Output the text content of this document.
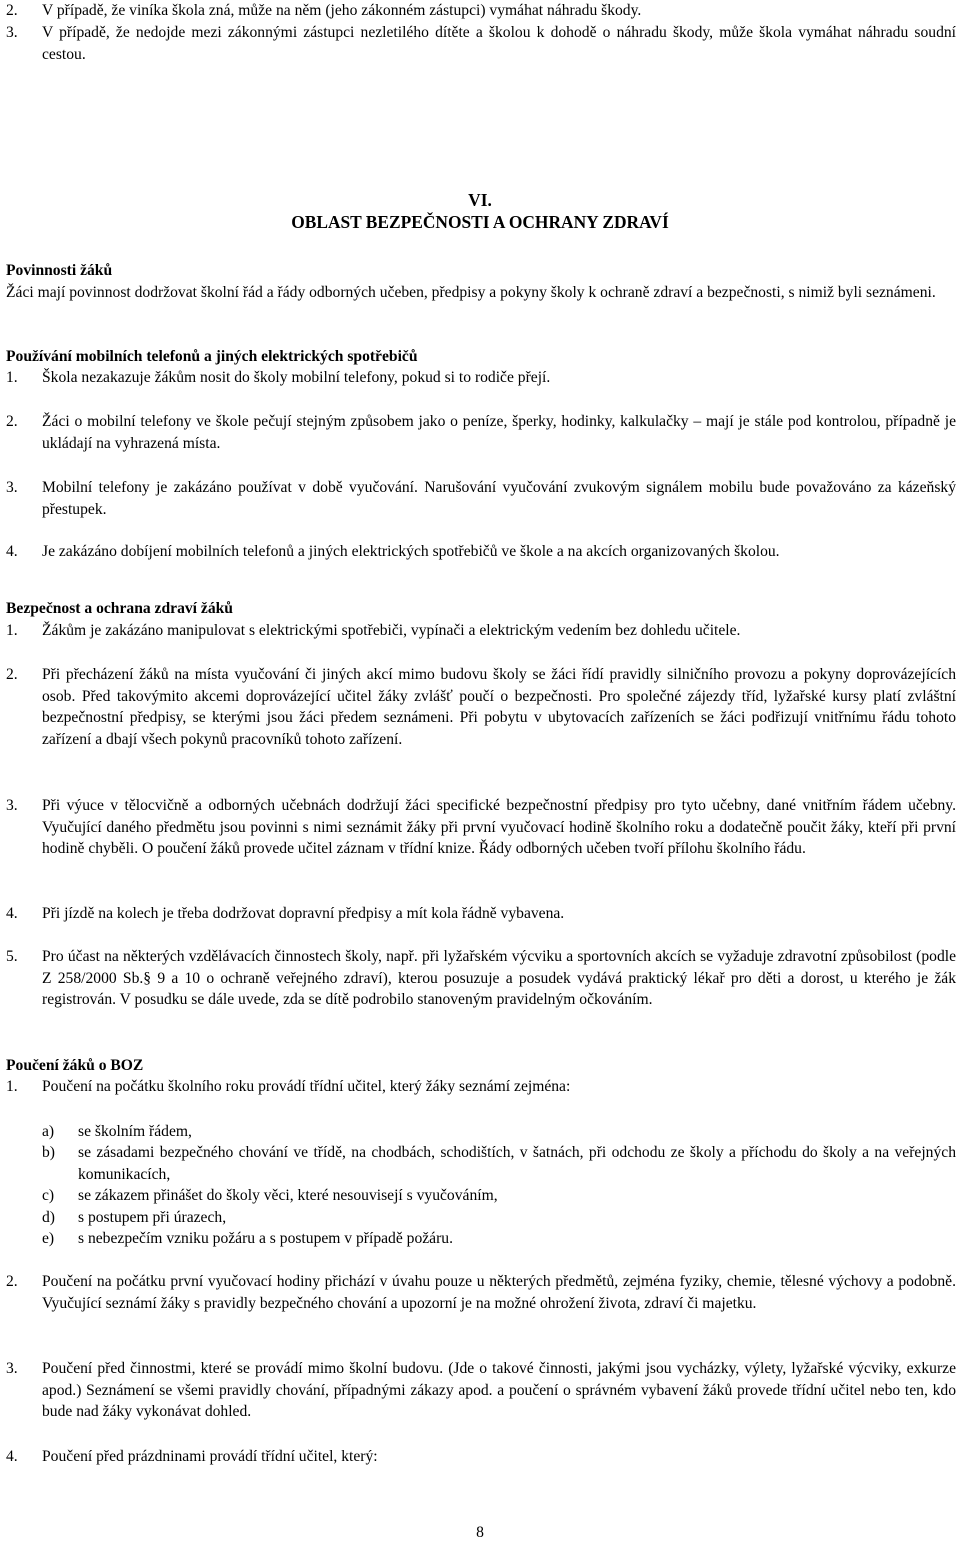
2.	V případě, že viníka škola zná, může na něm (jeho zákonném zástupci) vymáhat náhradu škody.
3.	V případě, že nedojde mezi zákonnými zástupci nezletilého dítěte a školou k dohodě o náhradu škody, může škola vymáhat náhradu soudní cestou.
VI.
OBLAST BEZPEČNOSTI A OCHRANY ZDRAVÍ
Povinnosti žáků
Žáci mají povinnost dodržovat školní řád a řády odborných učeben, předpisy a pokyny školy k ochraně zdraví a bezpečnosti, s nimiž byli seznámeni.
Používání mobilních telefonů a jiných elektrických spotřebičů
1.	Škola nezakazuje žákům nosit do školy mobilní telefony, pokud si to rodiče přejí.
2.	Žáci o mobilní telefony ve škole pečují stejným způsobem jako o peníze, šperky, hodinky, kalkulačky – mají je stále pod kontrolou, případně je ukládají na vyhrazená místa.
3.	Mobilní telefony je zakázáno používat v době vyučování. Narušování vyučování zvukovým signálem mobilu bude považováno za kázeňský přestupek.
4.	Je zakázáno dobíjení mobilních telefonů a jiných elektrických spotřebičů ve škole a na akcích organizovaných školou.
Bezpečnost a ochrana zdraví žáků
1.	Žákům je zakázáno manipulovat s elektrickými spotřebiči, vypínači a elektrickým vedením bez dohledu učitele.
2.	Při přecházení žáků na místa vyučování či jiných akcí mimo budovu školy se žáci řídí pravidly silničního provozu a pokyny doprovázejících osob. Před takovýmito akcemi doprovázející učitel žáky zvlášť poučí o bezpečnosti. Pro společné zájezdy tříd, lyžařské kursy platí zvláštní bezpečnostní předpisy, se kterými jsou žáci předem seznámeni. Při pobytu v ubytovacích zařízeních se žáci podřizují vnitřnímu řádu tohoto zařízení a dbají všech pokynů pracovníků tohoto zařízení.
3.	Při výuce v tělocvičně a odborných učebnách dodržují žáci specifické bezpečnostní předpisy pro tyto učebny, dané vnitřním řádem učebny. Vyučující daného předmětu jsou povinni s nimi seznámit žáky při první vyučovací hodině školního roku a dodatečně poučit žáky, kteří při první hodině chyběli. O poučení žáků provede učitel záznam v třídní knize. Řády odborných učeben tvoří přílohu školního řádu.
4.	Při jízdě na kolech je třeba dodržovat dopravní předpisy a mít kola řádně vybavena.
5.	Pro účast na některých vzdělávacích činnostech školy, např. při lyžařském výcviku a sportovních akcích se vyžaduje zdravotní způsobilost (podle Z 258/2000 Sb.§ 9 a 10 o ochraně veřejného zdraví), kterou posuzuje a posudek vydává praktický lékař pro děti a dorost, u kterého je žák registrován. V posudku se dále uvede, zda se dítě podrobilo stanoveným pravidelným očkováním.
Poučení žáků o BOZ
1.	Poučení na počátku školního roku provádí třídní učitel, který žáky seznámí zejména:
a)	se školním řádem,
b)	se zásadami bezpečného chování ve třídě, na chodbách, schodištích, v šatnách, při odchodu ze školy a příchodu do školy a na veřejných komunikacích,
c)	se zákazem přinášet do školy věci, které nesouvisejí s vyučováním,
d)	s postupem při úrazech,
e)	s nebezpečím vzniku požáru a s postupem v případě požáru.
2.	Poučení na počátku první vyučovací hodiny přichází v úvahu pouze u některých předmětů, zejména fyziky, chemie, tělesné výchovy a podobně. Vyučující seznámí žáky s pravidly bezpečného chování a upozorní je na možné ohrožení života, zdraví či majetku.
3.	Poučení před činnostmi, které se provádí mimo školní budovu. (Jde o takové činnosti, jakými jsou vycházky, výlety, lyžařské výcviky, exkurze apod.) Seznámení se všemi pravidly chování, případnými zákazy apod. a poučení o správném vybavení žáků provede třídní učitel nebo ten, kdo bude nad žáky vykonávat dohled.
4.	Poučení před prázdninami provádí třídní učitel, který:
8
